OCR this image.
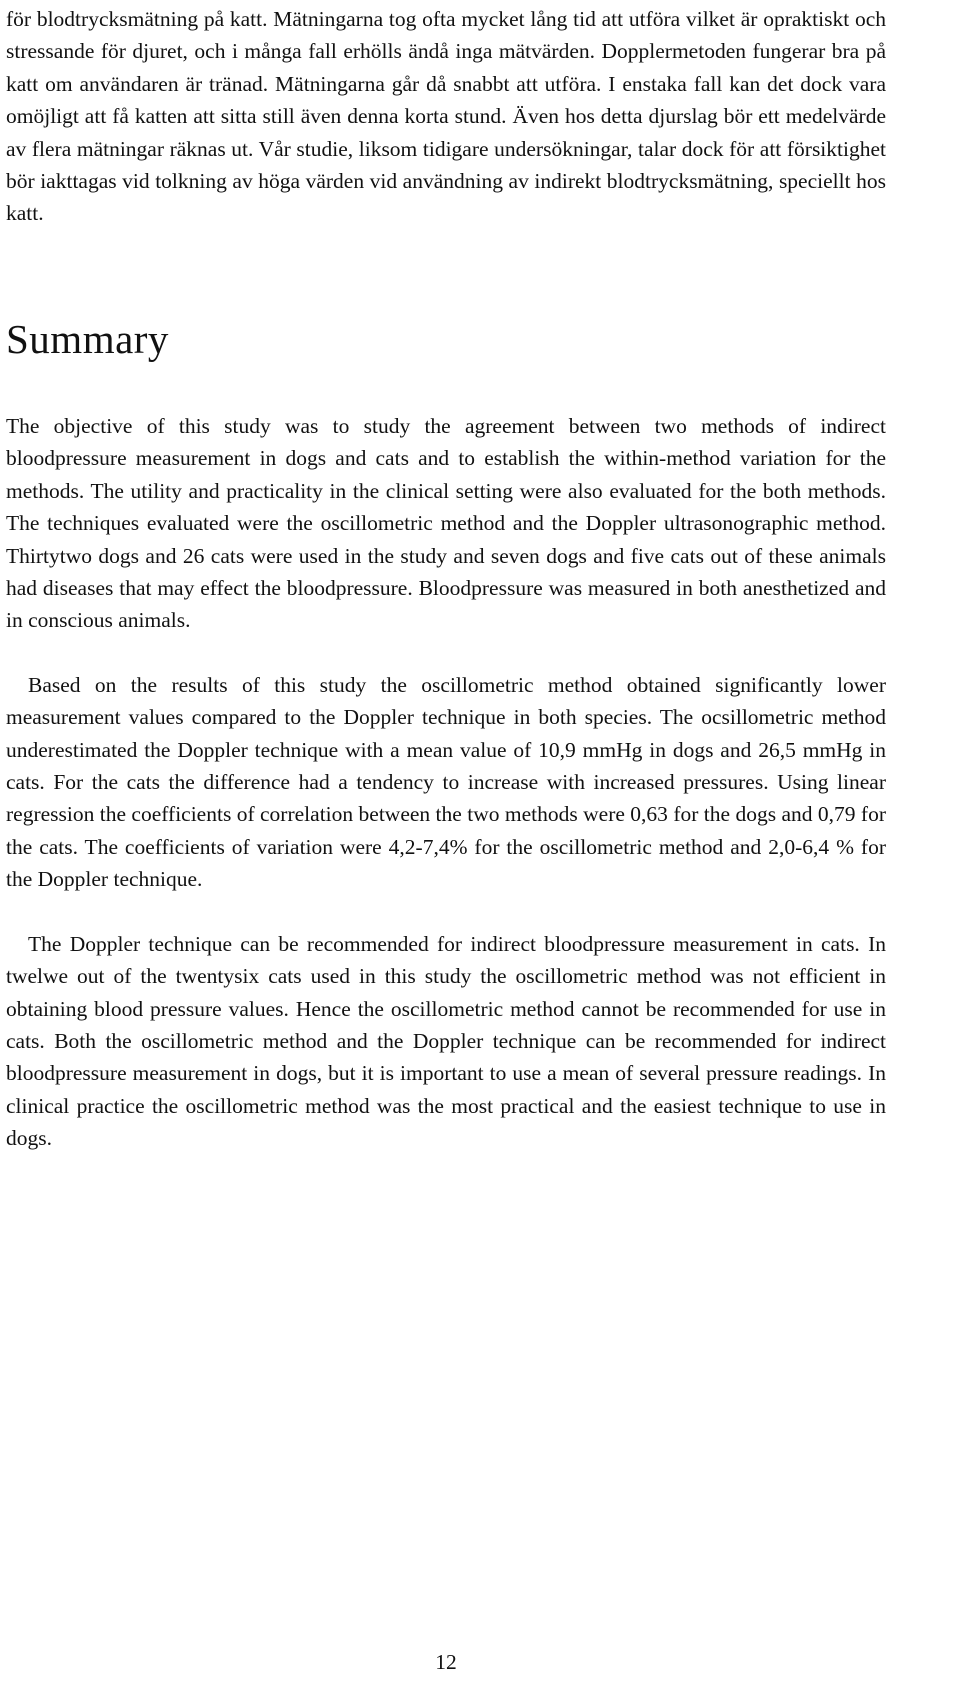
för blodtrycksmätning på katt. Mätningarna tog ofta mycket lång tid att utföra vilket är opraktiskt och stressande för djuret, och i många fall erhölls ändå inga mätvärden. Dopplermetoden fungerar bra på katt om användaren är tränad. Mätningarna går då snabbt att utföra. I enstaka fall kan det dock vara omöjligt att få katten att sitta still även denna korta stund. Även hos detta djurslag bör ett medelvärde av flera mätningar räknas ut. Vår studie, liksom tidigare undersökningar, talar dock för att försiktighet bör iakttagas vid tolkning av höga värden vid användning av indirekt blodtrycksmätning, speciellt hos katt.

Summary

The objective of this study was to study the agreement between two methods of indirect bloodpressure measurement in dogs and cats and to establish the within-method variation for the methods. The utility and practicality in the clinical setting were also evaluated for the both methods. The techniques evaluated were the oscillometric method and the Doppler ultrasonographic method. Thirtytwo dogs and 26 cats were used in the study and seven dogs and five cats out of these animals had diseases that may effect the bloodpressure. Bloodpressure was measured in both anesthetized and in conscious animals.

Based on the results of this study the oscillometric method obtained significantly lower measurement values compared to the Doppler technique in both species. The ocsillometric method underestimated the Doppler technique with a mean value of 10,9 mmHg in dogs and 26,5 mmHg in cats. For the cats the difference had a tendency to increase with increased pressures. Using linear regression the coefficients of correlation between the two methods were 0,63 for the dogs and 0,79 for the cats. The coefficients of variation were 4,2-7,4% for the oscillometric method and 2,0-6,4 % for the Doppler technique.

The Doppler technique can be recommended for indirect bloodpressure measurement in cats. In twelwe out of the twentysix cats used in this study the oscillometric method was not efficient in obtaining blood pressure values. Hence the oscillometric method cannot be recommended for use in cats. Both the oscillometric method and the Doppler technique can be recommended for indirect bloodpressure measurement in dogs, but it is important to use a mean of several pressure readings. In clinical practice the oscillometric method was the most practical and the easiest technique to use in dogs.

12
